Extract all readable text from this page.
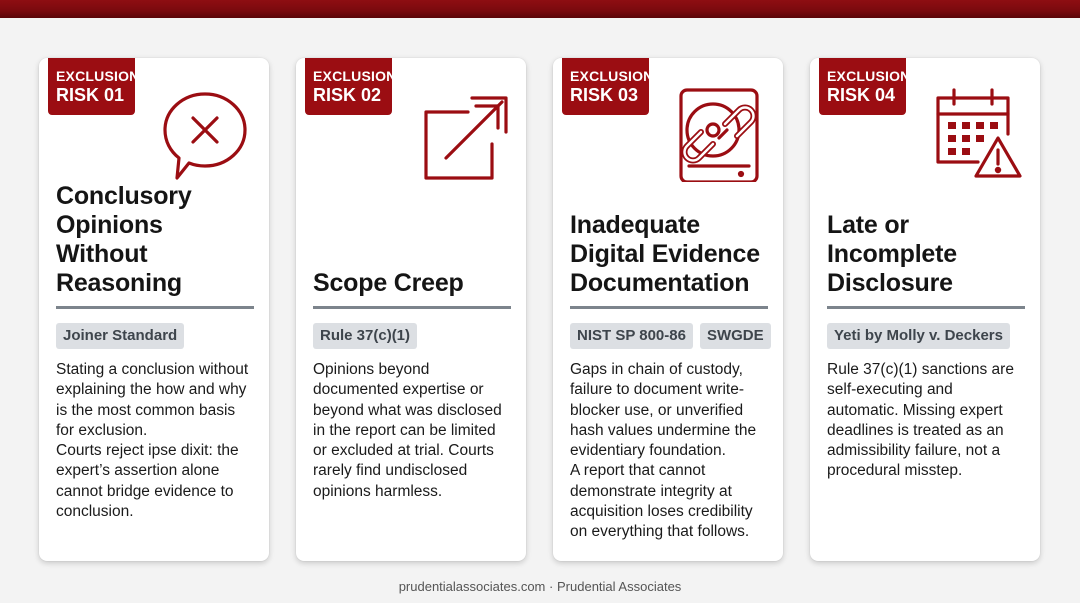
EXCLUSION
RISK 01
Conclusory Opinions Without Reasoning
Joiner Standard

Stating a conclusion without explaining the how and why is the most common basis for exclusion.

Courts reject ipse dixit: the expert’s assertion alone cannot bridge evidence to conclusion.

EXCLUSION
RISK 02
Scope Creep
Rule 37(c)(1)

Opinions beyond documented expertise or beyond what was disclosed in the report can be limited or excluded at trial. Courts rarely find undisclosed opinions harmless.

EXCLUSION
RISK 03
Inadequate Digital Evidence Documentation
NIST SP 800-86	SWGDE

Gaps in chain of custody, failure to document write-blocker use, or unverified hash values undermine the evidentiary foundation.

A report that cannot demonstrate integrity at acquisition loses credibility on everything that follows.

EXCLUSION
RISK 04
Late or Incomplete Disclosure
Yeti by Molly v. Deckers

Rule 37(c)(1) sanctions are self-executing and automatic. Missing expert deadlines is treated as an admissibility failure, not a procedural misstep.

prudentialassociates.com · Prudential Associates
